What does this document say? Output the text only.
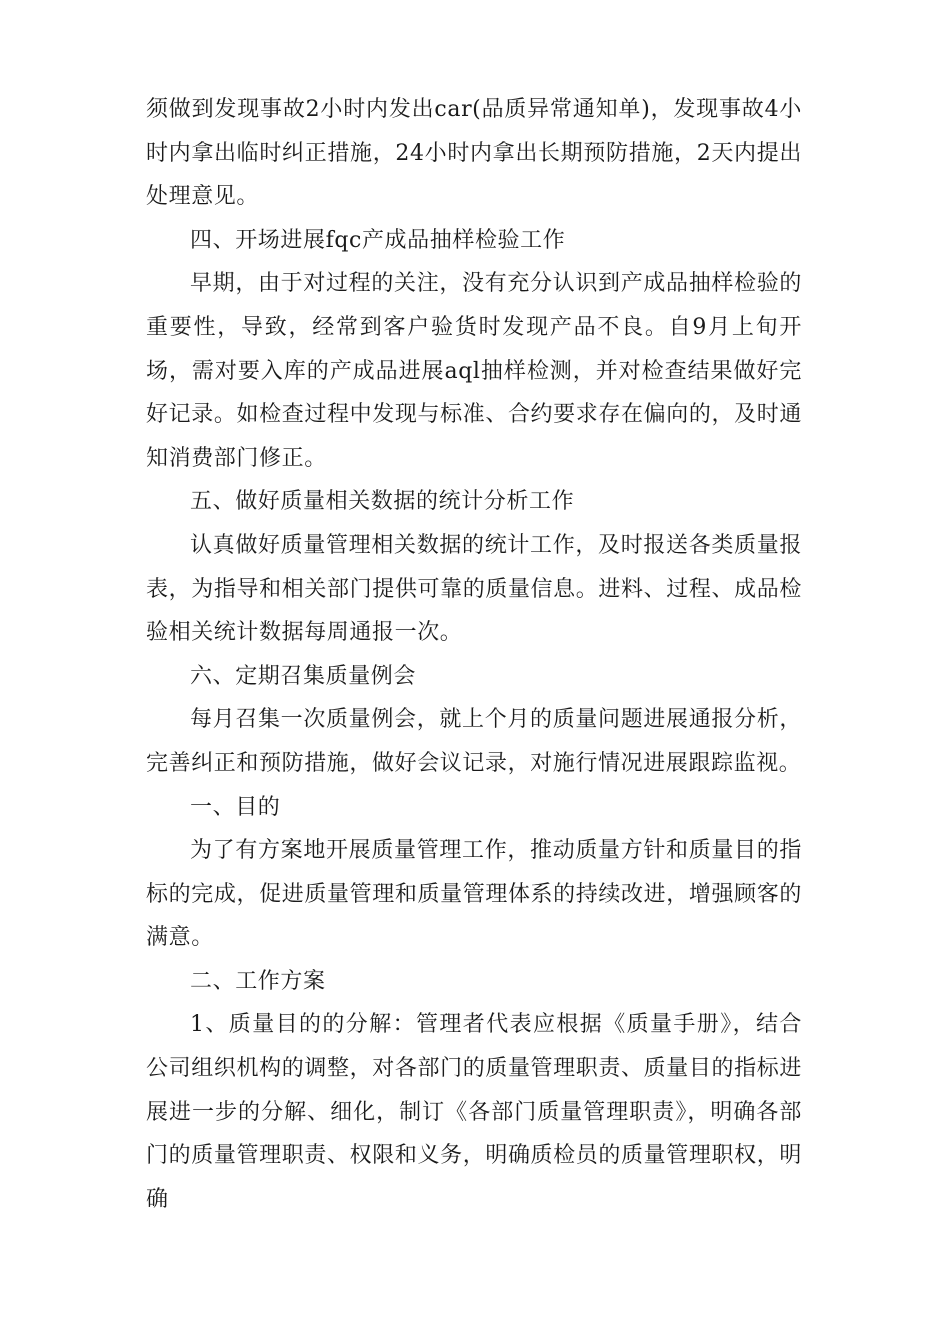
须做到发现事故2小时内发出car(品质异常通知单)，发现事故4小时内拿出临时纠正措施，24小时内拿出长期预防措施，2天内提出处理意见。

四、开场进展fqc产成品抽样检验工作

早期，由于对过程的关注，没有充分认识到产成品抽样检验的重要性，导致，经常到客户验货时发现产品不良。自9月上旬开场，需对要入库的产成品进展aql抽样检测，并对检查结果做好完好记录。如检查过程中发现与标准、合约要求存在偏向的，及时通知消费部门修正。

五、做好质量相关数据的统计分析工作

认真做好质量管理相关数据的统计工作，及时报送各类质量报表，为指导和相关部门提供可靠的质量信息。进料、过程、成品检验相关统计数据每周通报一次。

六、定期召集质量例会

每月召集一次质量例会，就上个月的质量问题进展通报分析，完善纠正和预防措施，做好会议记录，对施行情况进展跟踪监视。

一、目的

为了有方案地开展质量管理工作，推动质量方针和质量目的指标的完成，促进质量管理和质量管理体系的持续改进，增强顾客的满意。

二、工作方案

1、质量目的的分解：管理者代表应根据《质量手册》，结合公司组织机构的调整，对各部门的质量管理职责、质量目的指标进展进一步的分解、细化，制订《各部门质量管理职责》，明确各部门的质量管理职责、权限和义务，明确质检员的质量管理职权，明确
